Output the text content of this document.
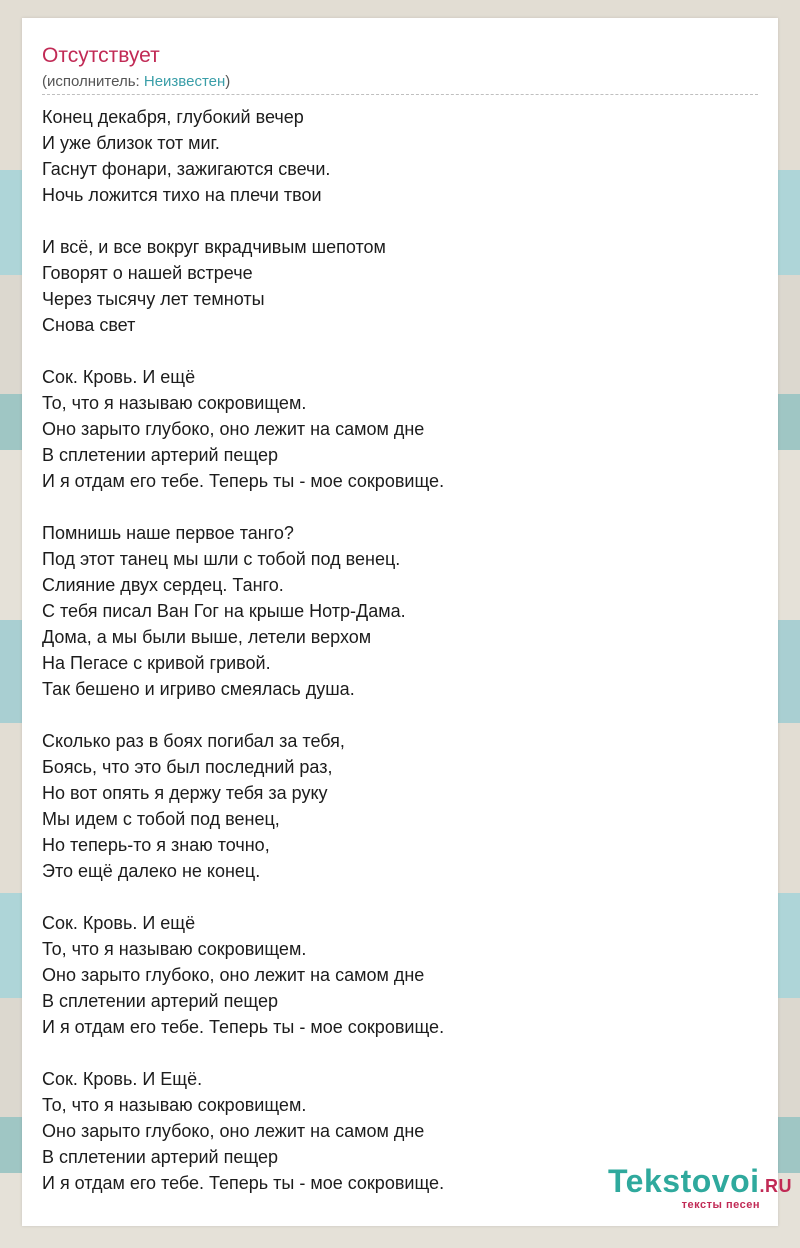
Отсутствует
(исполнитель: Неизвестен)
Конец декабря, глубокий вечер
И уже близок тот миг.
Гаснут фонари, зажигаются свечи.
Ночь ложится тихо на плечи твои
И всё, и все вокруг вкрадчивым шепотом
Говорят о нашей встрече
Через тысячу лет темноты
Снова свет
Сок. Кровь. И ещё
То, что я называю сокровищем.
Оно зарыто глубоко, оно лежит на самом дне
В сплетении артерий пещер
И я отдам его тебе. Теперь ты - мое сокровище.
Помнишь наше первое танго?
Под этот танец мы шли с тобой под венец.
Слияние двух сердец. Танго.
С тебя писал Ван Гог на крыше Нотр-Дама.
Дома, а мы были выше, летели верхом
На Пегасе с кривой гривой.
Так бешено и игриво смеялась душа.
Сколько раз в боях погибал за тебя,
Боясь, что это был последний раз,
Но вот опять я держу тебя за руку
Мы идем с тобой под венец,
Но теперь-то я знаю точно,
Это ещё далеко не конец.
Сок. Кровь. И ещё
То, что я называю сокровищем.
Оно зарыто глубоко, оно лежит на самом дне
В сплетении артерий пещер
И я отдам его тебе. Теперь ты - мое сокровище.
Сок. Кровь. И Ещё.
То, что я называю сокровищем.
Оно зарыто глубоко, оно лежит на самом дне
В сплетении артерий пещер
И я отдам его тебе. Теперь ты - мое сокровище.	Tekstovoi.RU
тексты песен
